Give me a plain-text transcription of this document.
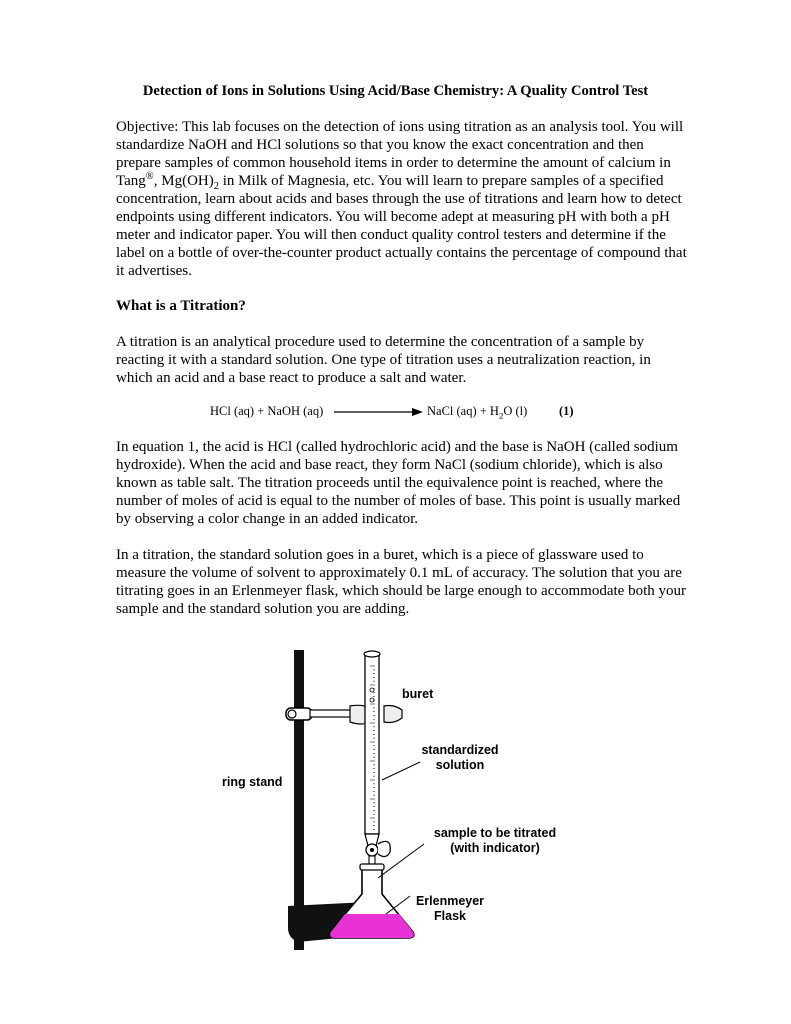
Detection of Ions in Solutions Using Acid/Base Chemistry: A Quality Control Test

Objective: This lab focuses on the detection of ions using titration as an analysis tool. You will standardize NaOH and HCl solutions so that you know the exact concentration and then prepare samples of common household items in order to determine the amount of calcium in Tang®, $Mg(OH)_2$ in Milk of Magnesia, etc. You will learn to prepare samples of a specified concentration, learn about acids and bases through the use of titrations and learn how to detect endpoints using different indicators. You will become adept at measuring pH with both a pH meter and indicator paper. You will then conduct quality control testers and determine if the label on a bottle of over-the-counter product actually contains the percentage of compound that it advertises.

What is a Titration?

A titration is an analytical procedure used to determine the concentration of a sample by reacting it with a standard solution. One type of titration uses a neutralization reaction, in which an acid and a base react to produce a salt and water.

HCl (aq) + NaOH (aq)	NaCl $(aq) + H_2O$ (l)	(1)

In equation 1, the acid is HCl (called hydrochloric acid) and the base is NaOH (called sodium hydroxide). When the acid and base react, they form NaCl (sodium chloride), which is also known as table salt. The titration proceeds until the equivalence point is reached, where the number of moles of acid is equal to the number of moles of base. This point is usually marked by observing a color change in an added indicator.

In a titration, the standard solution goes in a buret, which is a piece of glassware used to measure the volume of solvent to approximately 0.1 mL of accuracy. The solution that you are titrating goes in an Erlenmeyer flask, which should be large enough to accommodate both your sample and the standard solution you are adding.

buret
standardized
solution
ring stand
sample to be titrated
(with indicator)
Erlenmeyer
Flask
